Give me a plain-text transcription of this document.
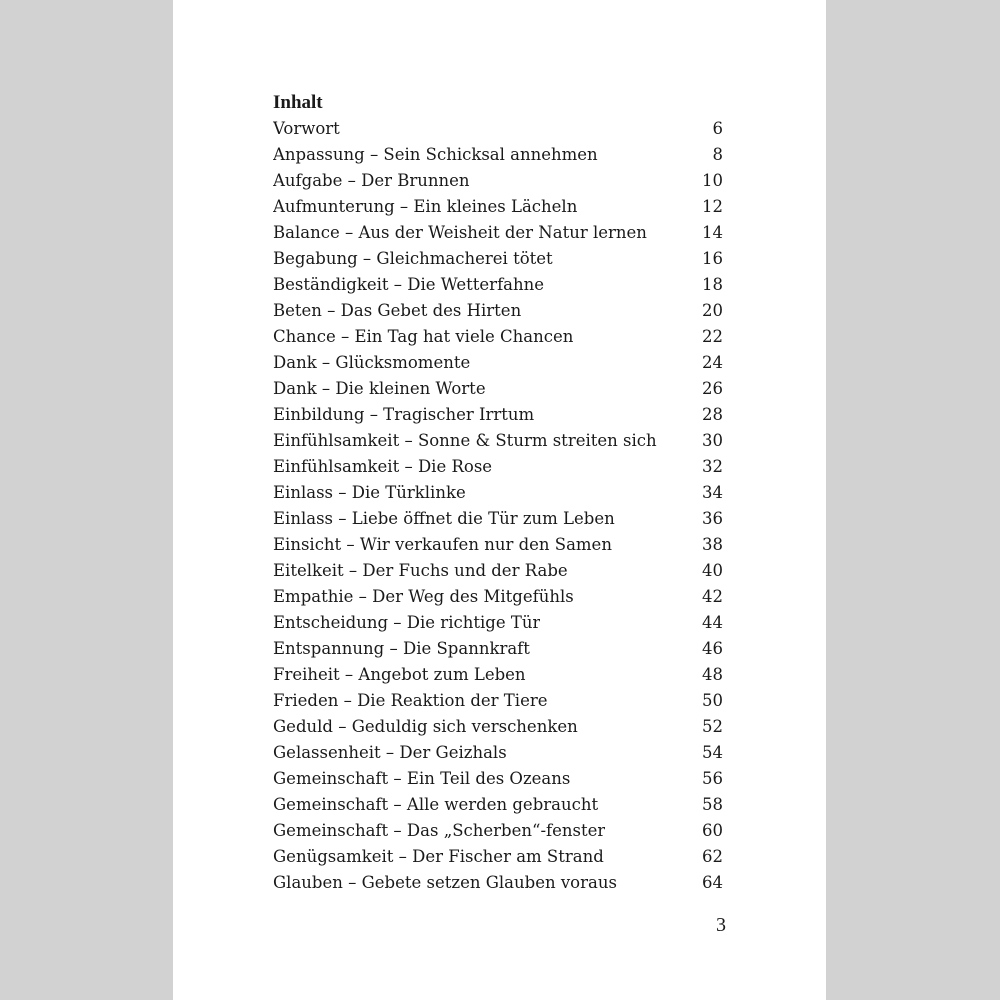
Inhalt
Vorwort	6
Anpassung – Sein Schicksal annehmen	8
Aufgabe – Der Brunnen	10
Aufmunterung – Ein kleines Lächeln	12
Balance – Aus der Weisheit der Natur lernen	14
Begabung – Gleichmacherei tötet	16
Beständigkeit – Die Wetterfahne	18
Beten – Das Gebet des Hirten	20
Chance – Ein Tag hat viele Chancen	22
Dank – Glücksmomente	24
Dank – Die kleinen Worte	26
Einbildung – Tragischer Irrtum	28
Einfühlsamkeit – Sonne & Sturm streiten sich	30
Einfühlsamkeit – Die Rose	32
Einlass – Die Türklinke	34
Einlass – Liebe öffnet die Tür zum Leben	36
Einsicht – Wir verkaufen nur den Samen	38
Eitelkeit – Der Fuchs und der Rabe	40
Empathie – Der Weg des Mitgefühls	42
Entscheidung – Die richtige Tür	44
Entspannung – Die Spannkraft	46
Freiheit – Angebot zum Leben	48
Frieden – Die Reaktion der Tiere	50
Geduld – Geduldig sich verschenken	52
Gelassenheit – Der Geizhals	54
Gemeinschaft – Ein Teil des Ozeans	56
Gemeinschaft – Alle werden gebraucht	58
Gemeinschaft – Das „Scherben“-fenster	60
Genügsamkeit – Der Fischer am Strand	62
Glauben – Gebete setzen Glauben voraus	64
3
